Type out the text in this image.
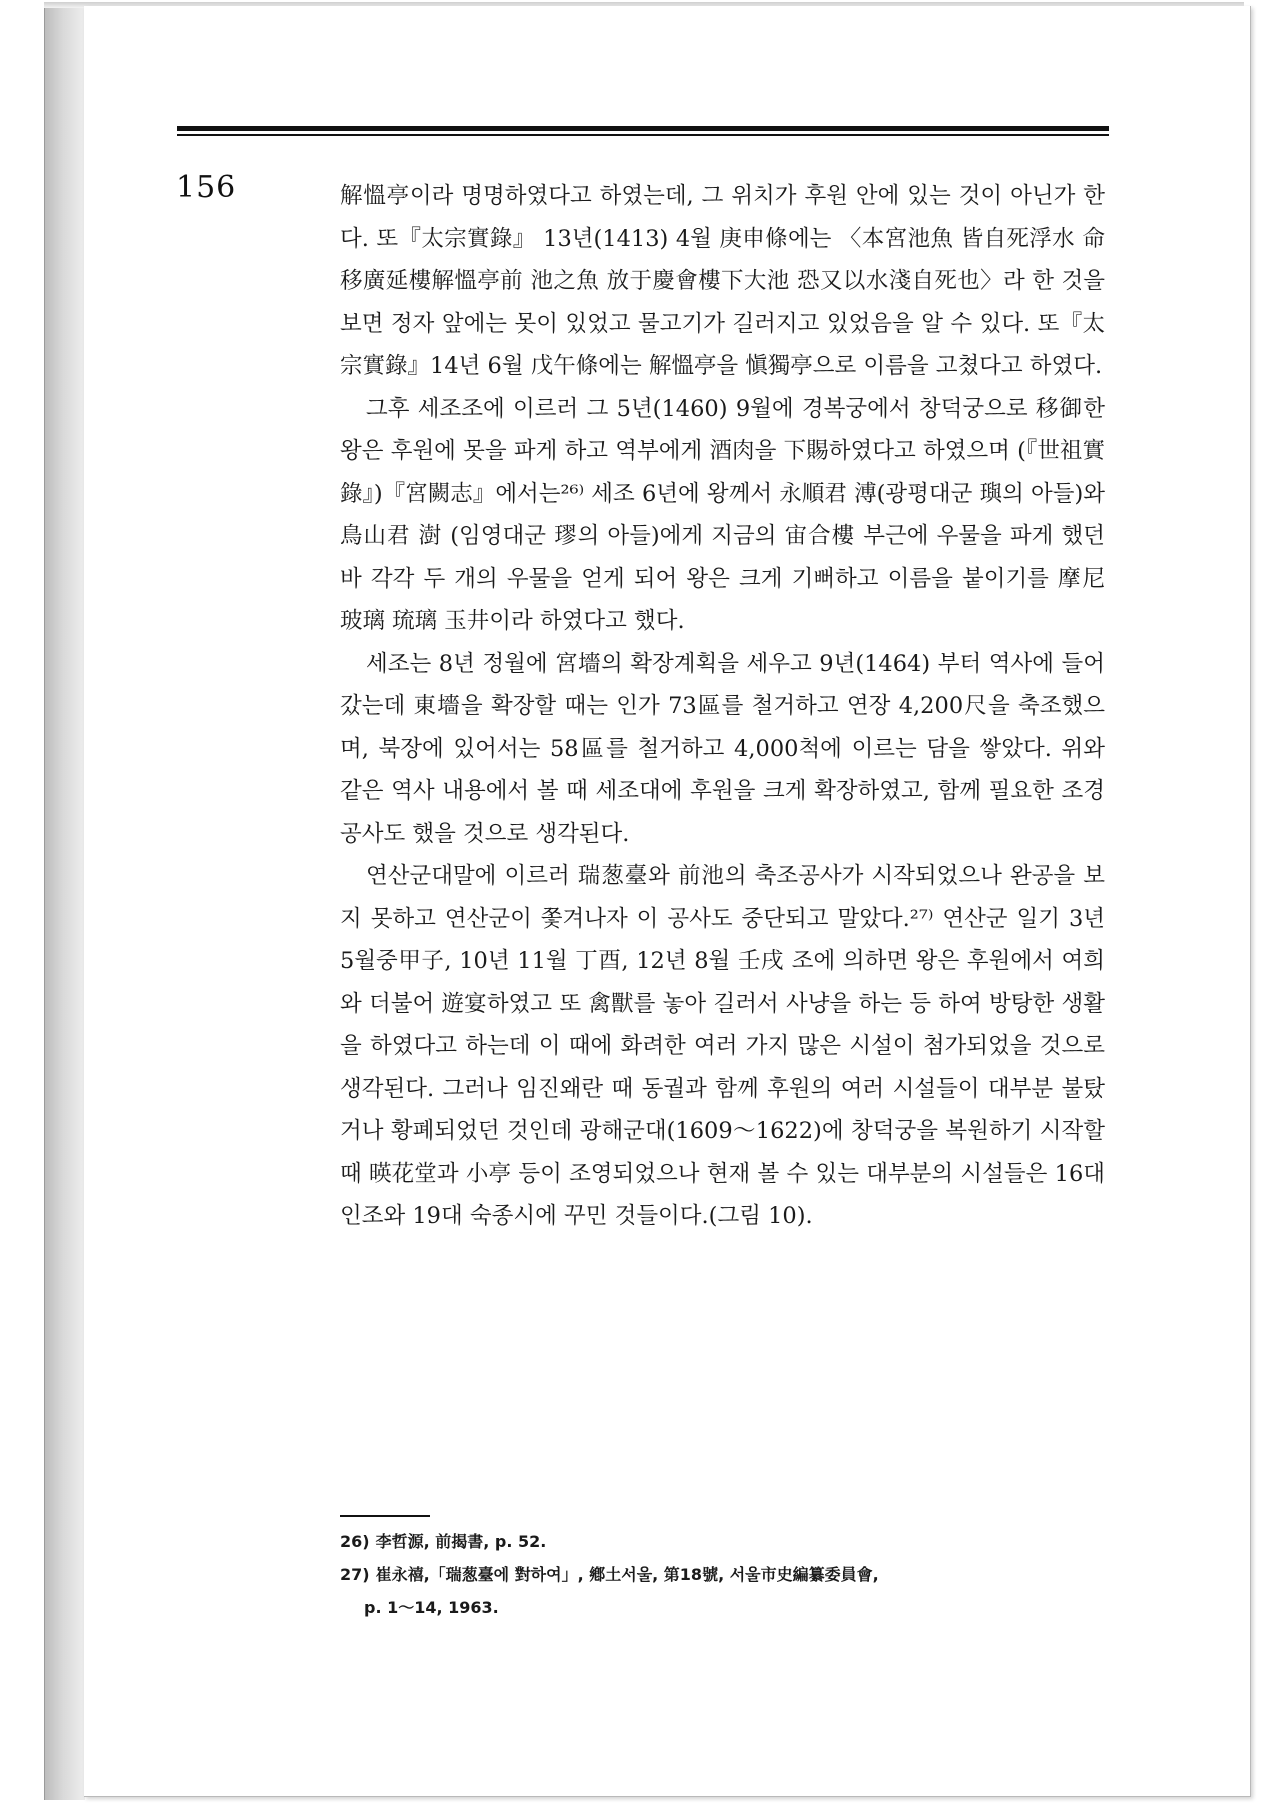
156	解慍亭이라 명명하였다고 하였는데, 그 위치가 후원 안에 있는 것이 아닌가 한다. 또『太宗實錄』 13년(1413) 4월 庚申條에는 〈本宮池魚 皆自死浮水 命移廣延樓解慍亭前 池之魚 放于慶會樓下大池 恐又以水淺自死也〉라 한 것을 보면 정자 앞에는 못이 있었고 물고기가 길러지고 있었음을 알 수 있다. 또『太宗實錄』14년 6월 戊午條에는 解慍亭을 愼獨亭으로 이름을 고쳤다고 하였다.

그후 세조조에 이르러 그 5년(1460) 9월에 경복궁에서 창덕궁으로 移御한 왕은 후원에 못을 파게 하고 역부에게 酒肉을 下賜하였다고 하였으며 (『世祖實錄』)『宮闕志』에서는²⁶⁾ 세조 6년에 왕께서 永順君 溥(광평대군 璵의 아들)와 鳥山君 澍 (임영대군 璆의 아들)에게 지금의 宙合樓 부근에 우물을 파게 했던 바 각각 두 개의 우물을 얻게 되어 왕은 크게 기뻐하고 이름을 붙이기를 摩尼 玻璃 琉璃 玉井이라 하였다고 했다.

세조는 8년 정월에 宮墻의 확장계획을 세우고 9년(1464) 부터 역사에 들어 갔는데 東墻을 확장할 때는 인가 73區를 철거하고 연장 4,200尺을 축조했으며, 북장에 있어서는 58區를 철거하고 4,000척에 이르는 담을 쌓았다. 위와 같은 역사 내용에서 볼 때 세조대에 후원을 크게 확장하였고, 함께 필요한 조경공사도 했을 것으로 생각된다.

연산군대말에 이르러 瑞葱臺와 前池의 축조공사가 시작되었으나 완공을 보지 못하고 연산군이 쫓겨나자 이 공사도 중단되고 말았다.²⁷⁾ 연산군 일기 3년 5월중甲子, 10년 11월 丁酉, 12년 8월 壬戌 조에 의하면 왕은 후원에서 여희와 더불어 遊宴하였고 또 禽獸를 놓아 길러서 사냥을 하는 등 하여 방탕한 생활을 하였다고 하는데 이 때에 화려한 여러 가지 많은 시설이 첨가되었을 것으로 생각된다. 그러나 임진왜란 때 동궐과 함께 후원의 여러 시설들이 대부분 불탔거나 황폐되었던 것인데 광해군대(1609～1622)에 창덕궁을 복원하기 시작할 때 暎花堂과 小亭 등이 조영되었으나 현재 볼 수 있는 대부분의 시설들은 16대 인조와 19대 숙종시에 꾸민 것들이다.(그림 10).

26) 李哲源, 前揭書, p. 52.

27) 崔永禧,「瑞葱臺에 對하여」, 鄕土서울, 第18號, 서울市史編纂委員會,

p. 1～14, 1963.
